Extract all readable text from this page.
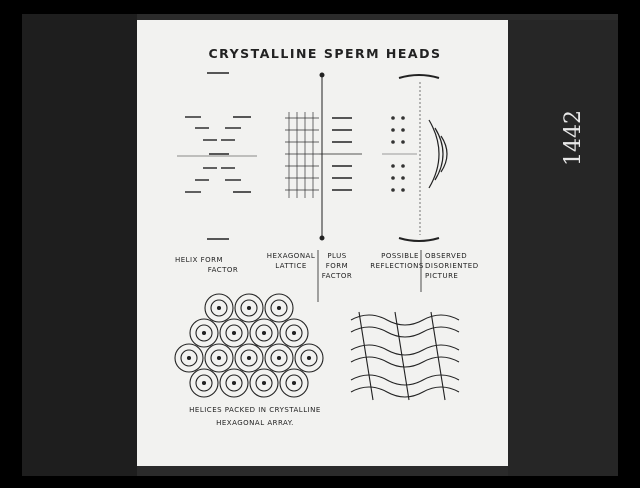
CRYSTALLINE SPERM HEADS
HELIX FORM
FACTOR
HEXAGONAL
LATTICE
PLUS
FORM
FACTOR
POSSIBLE
REFLECTIONS
OBSERVED
DISORIENTED
PICTURE
HELICES PACKED IN CRYSTALLINE
HEXAGONAL ARRAY.
1442
